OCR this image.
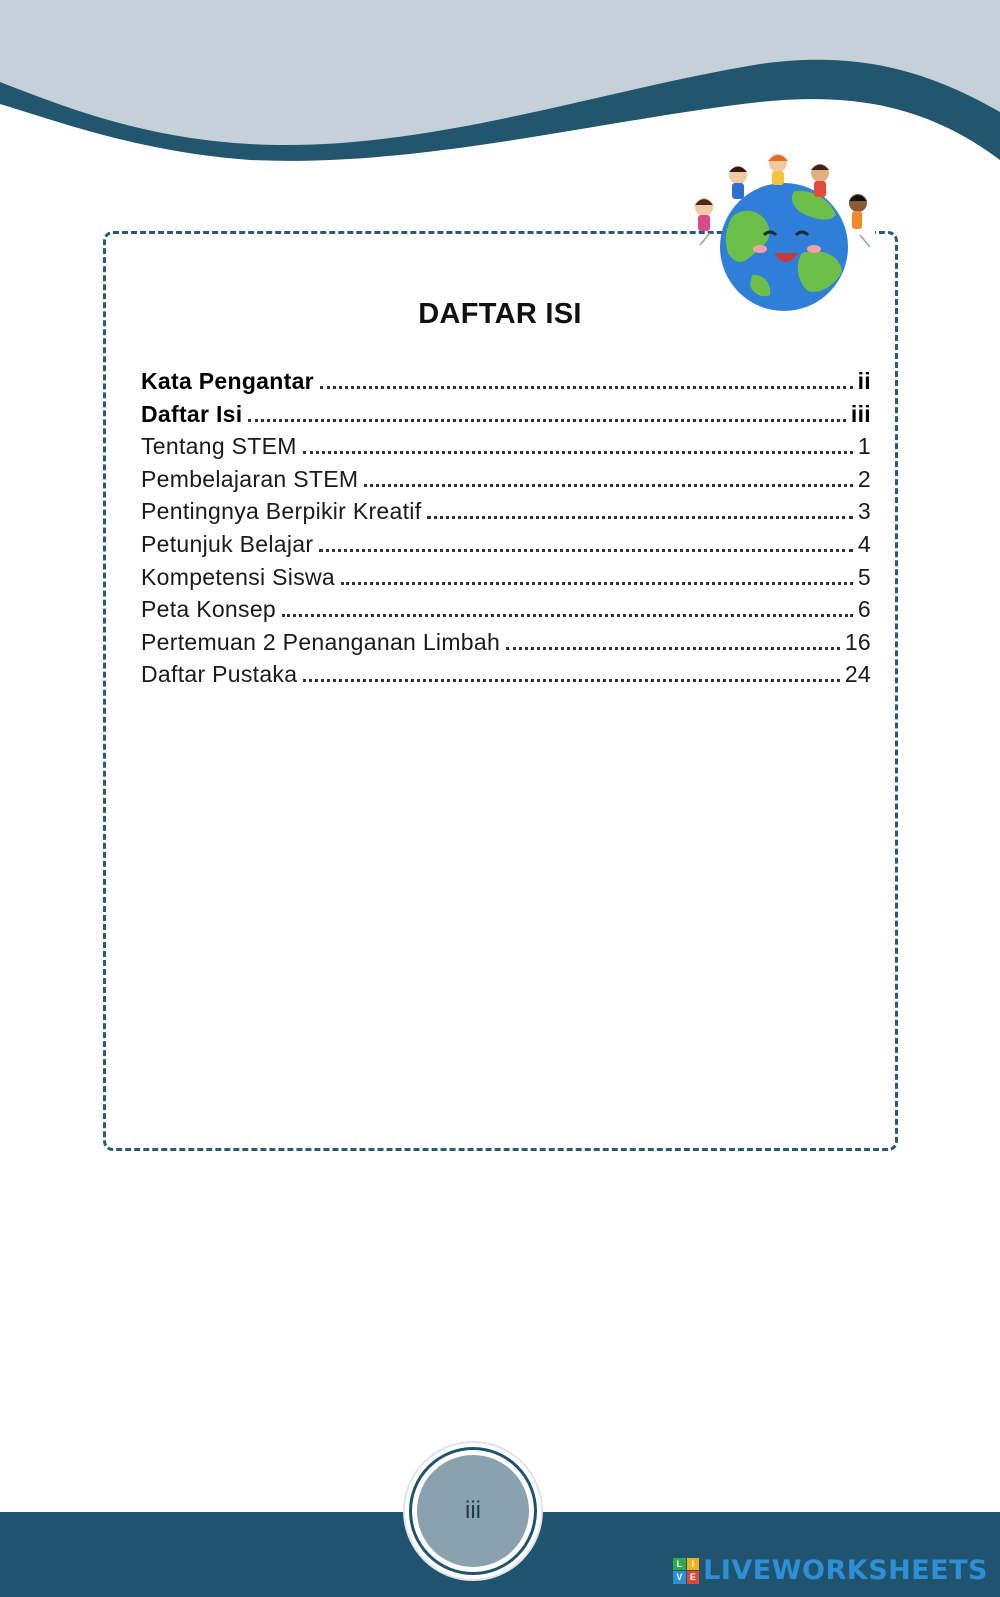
DAFTAR ISI
Kata Pengantar	ii
Daftar Isi	iii
Tentang STEM	1
Pembelajaran STEM	2
Pentingnya Berpikir Kreatif	3
Petunjuk Belajar	4
Kompetensi Siswa	5
Peta Konsep	6
Pertemuan 2 Penanganan Limbah	16
Daftar Pustaka	24
iii
L	I
V E LIVEWORKSHEETS
